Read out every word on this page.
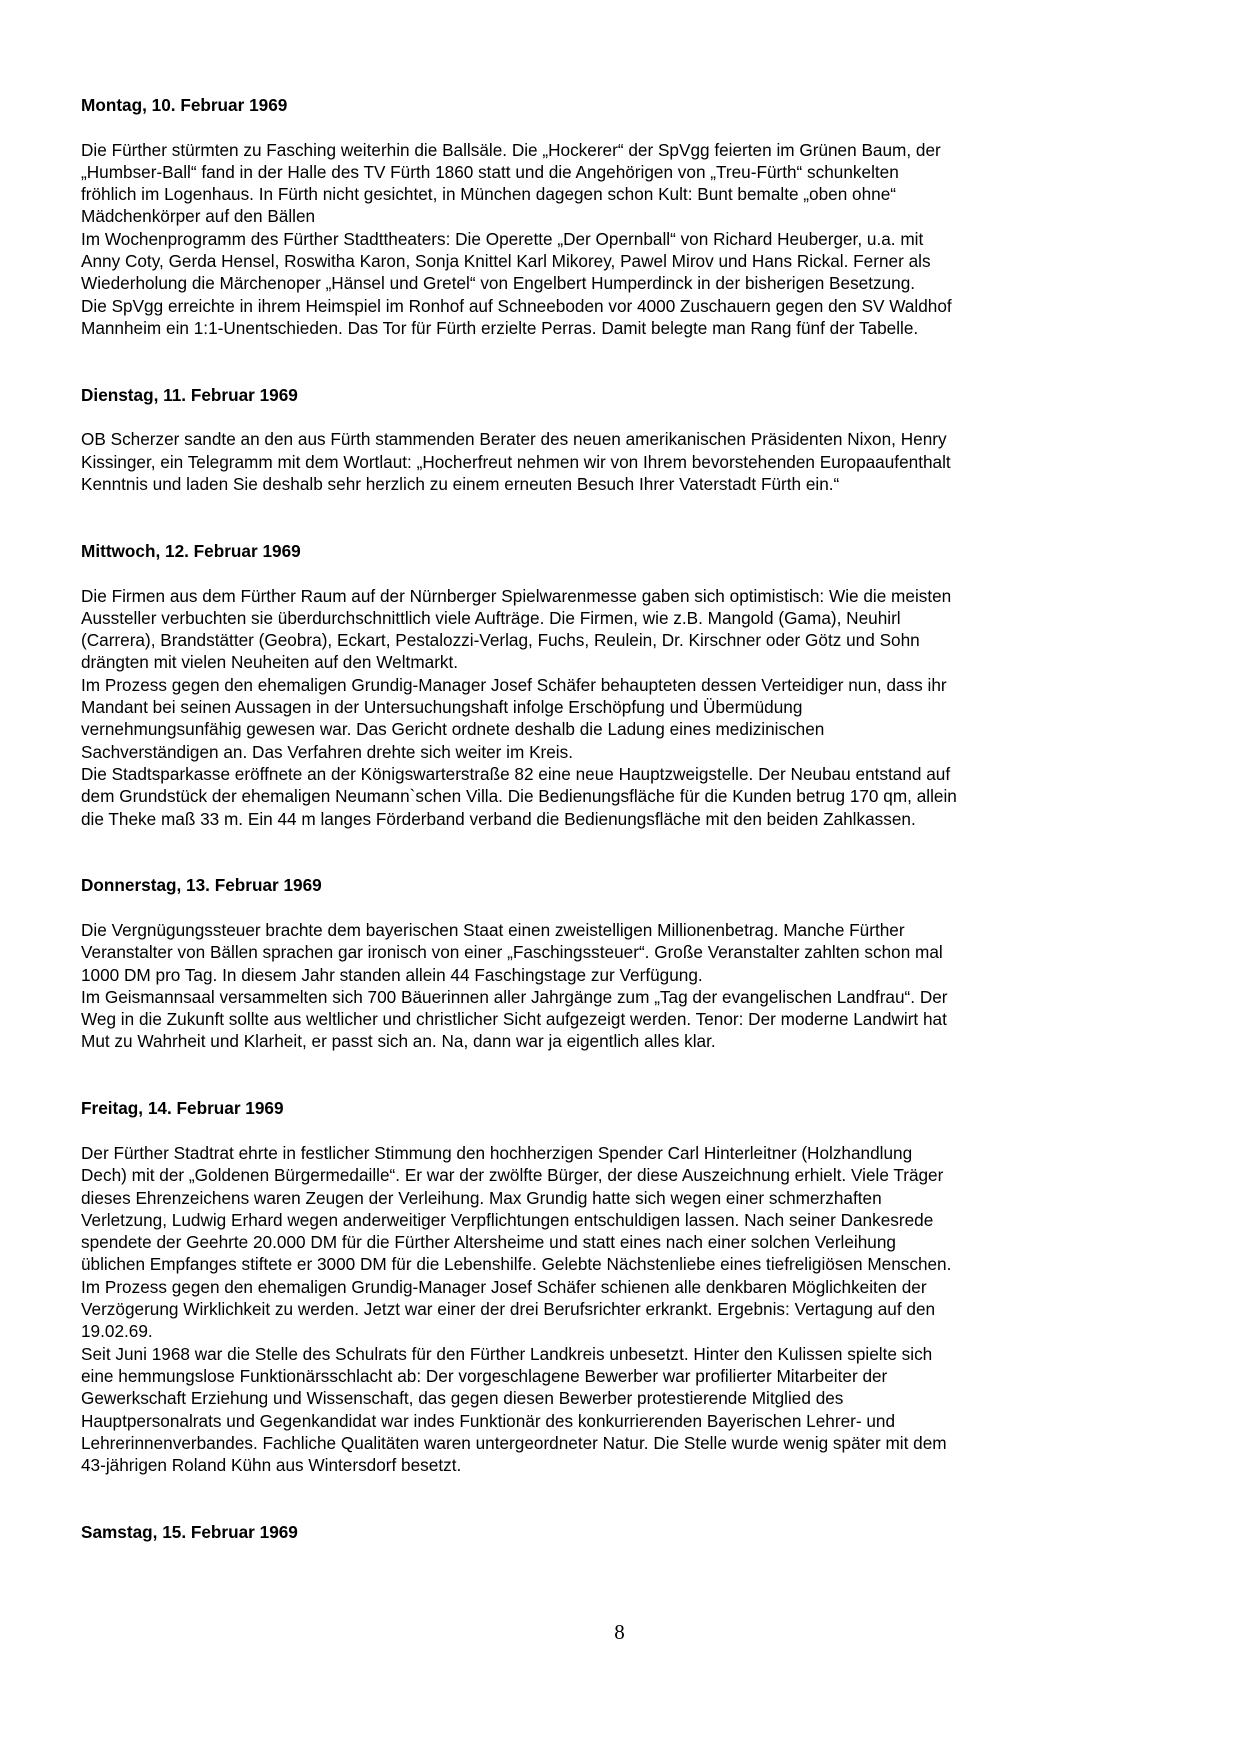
Montag, 10. Februar 1969
Die Fürther stürmten zu Fasching weiterhin die Ballsäle. Die „Hockerer“ der SpVgg feierten im Grünen Baum, der
„Humbser-Ball“ fand in der Halle des TV Fürth 1860 statt und die Angehörigen von „Treu-Fürth“ schunkelten
fröhlich im Logenhaus. In Fürth nicht gesichtet, in München dagegen schon Kult: Bunt bemalte „oben ohne“
Mädchenkörper auf den Bällen
Im Wochenprogramm des Fürther Stadttheaters: Die Operette „Der Opernball“ von Richard Heuberger, u.a. mit
Anny Coty, Gerda Hensel, Roswitha Karon, Sonja Knittel Karl Mikorey, Pawel Mirov und Hans Rickal. Ferner als
Wiederholung die Märchenoper „Hänsel und Gretel“ von Engelbert Humperdinck in der bisherigen Besetzung.
Die SpVgg erreichte in ihrem Heimspiel im Ronhof auf Schneeboden vor 4000 Zuschauern gegen den SV Waldhof
Mannheim ein 1:1-Unentschieden. Das Tor für Fürth erzielte Perras. Damit belegte man Rang fünf der Tabelle.
Dienstag, 11. Februar 1969
OB Scherzer sandte an den aus Fürth stammenden Berater des neuen amerikanischen Präsidenten Nixon, Henry
Kissinger, ein Telegramm mit dem Wortlaut: „Hocherfreut nehmen wir von Ihrem bevorstehenden Europaaufenthalt
Kenntnis und laden Sie deshalb sehr herzlich zu einem erneuten Besuch Ihrer Vaterstadt Fürth ein.“
Mittwoch, 12. Februar 1969
Die Firmen aus dem Fürther Raum auf der Nürnberger Spielwarenmesse gaben sich optimistisch: Wie die meisten
Aussteller verbuchten sie überdurchschnittlich viele Aufträge. Die Firmen, wie z.B. Mangold (Gama), Neuhirl
(Carrera), Brandstätter (Geobra), Eckart, Pestalozzi-Verlag, Fuchs, Reulein, Dr. Kirschner oder Götz und Sohn
drängten mit vielen Neuheiten auf den Weltmarkt.
Im Prozess gegen den ehemaligen Grundig-Manager Josef Schäfer behaupteten dessen Verteidiger nun, dass ihr
Mandant bei seinen Aussagen in der Untersuchungshaft infolge Erschöpfung und Übermüdung
vernehmungsunfähig gewesen war. Das Gericht ordnete deshalb die Ladung eines medizinischen
Sachverständigen an. Das Verfahren drehte sich weiter im Kreis.
Die Stadtsparkasse eröffnete an der Königswarterstraße 82 eine neue Hauptzweigstelle. Der Neubau entstand auf
dem Grundstück der ehemaligen Neumann`schen Villa. Die Bedienungsfläche für die Kunden betrug 170 qm, allein
die Theke maß 33 m. Ein 44 m langes Förderband verband die Bedienungsfläche mit den beiden Zahlkassen.
Donnerstag, 13. Februar 1969
Die Vergnügungssteuer brachte dem bayerischen Staat einen zweistelligen Millionenbetrag. Manche Fürther
Veranstalter von Bällen sprachen gar ironisch von einer „Faschingssteuer“. Große Veranstalter zahlten schon mal
1000 DM pro Tag. In diesem Jahr standen allein 44 Faschingstage zur Verfügung.
Im Geismannsaal versammelten sich 700 Bäuerinnen aller Jahrgänge zum „Tag der evangelischen Landfrau“. Der
Weg in die Zukunft sollte aus weltlicher und christlicher Sicht aufgezeigt werden. Tenor: Der moderne Landwirt hat
Mut zu Wahrheit und Klarheit, er passt sich an. Na, dann war ja eigentlich alles klar.
Freitag, 14. Februar 1969
Der Fürther Stadtrat ehrte in festlicher Stimmung den hochherzigen Spender Carl Hinterleitner (Holzhandlung
Dech) mit der „Goldenen Bürgermedaille“. Er war der zwölfte Bürger, der diese Auszeichnung erhielt. Viele Träger
dieses Ehrenzeichens waren Zeugen der Verleihung. Max Grundig hatte sich wegen einer schmerzhaften
Verletzung, Ludwig Erhard wegen anderweitiger Verpflichtungen entschuldigen lassen. Nach seiner Dankesrede
spendete der Geehrte 20.000 DM für die Fürther Altersheime und statt eines nach einer solchen Verleihung
üblichen Empfanges stiftete er 3000 DM für die Lebenshilfe. Gelebte Nächstenliebe eines tiefreligiösen Menschen.
Im Prozess gegen den ehemaligen Grundig-Manager Josef Schäfer schienen alle denkbaren Möglichkeiten der
Verzögerung Wirklichkeit zu werden. Jetzt war einer der drei Berufsrichter erkrankt. Ergebnis: Vertagung auf den
19.02.69.
Seit Juni 1968 war die Stelle des Schulrats für den Fürther Landkreis unbesetzt. Hinter den Kulissen spielte sich
eine hemmungslose Funktionärsschlacht ab: Der vorgeschlagene Bewerber war profilierter Mitarbeiter der
Gewerkschaft Erziehung und Wissenschaft, das gegen diesen Bewerber protestierende Mitglied des
Hauptpersonalrats und Gegenkandidat war indes Funktionär des konkurrierenden Bayerischen Lehrer- und
Lehrerinnenverbandes. Fachliche Qualitäten waren untergeordneter Natur. Die Stelle wurde wenig später mit dem
43-jährigen Roland Kühn aus Wintersdorf besetzt.
Samstag, 15. Februar 1969
8
